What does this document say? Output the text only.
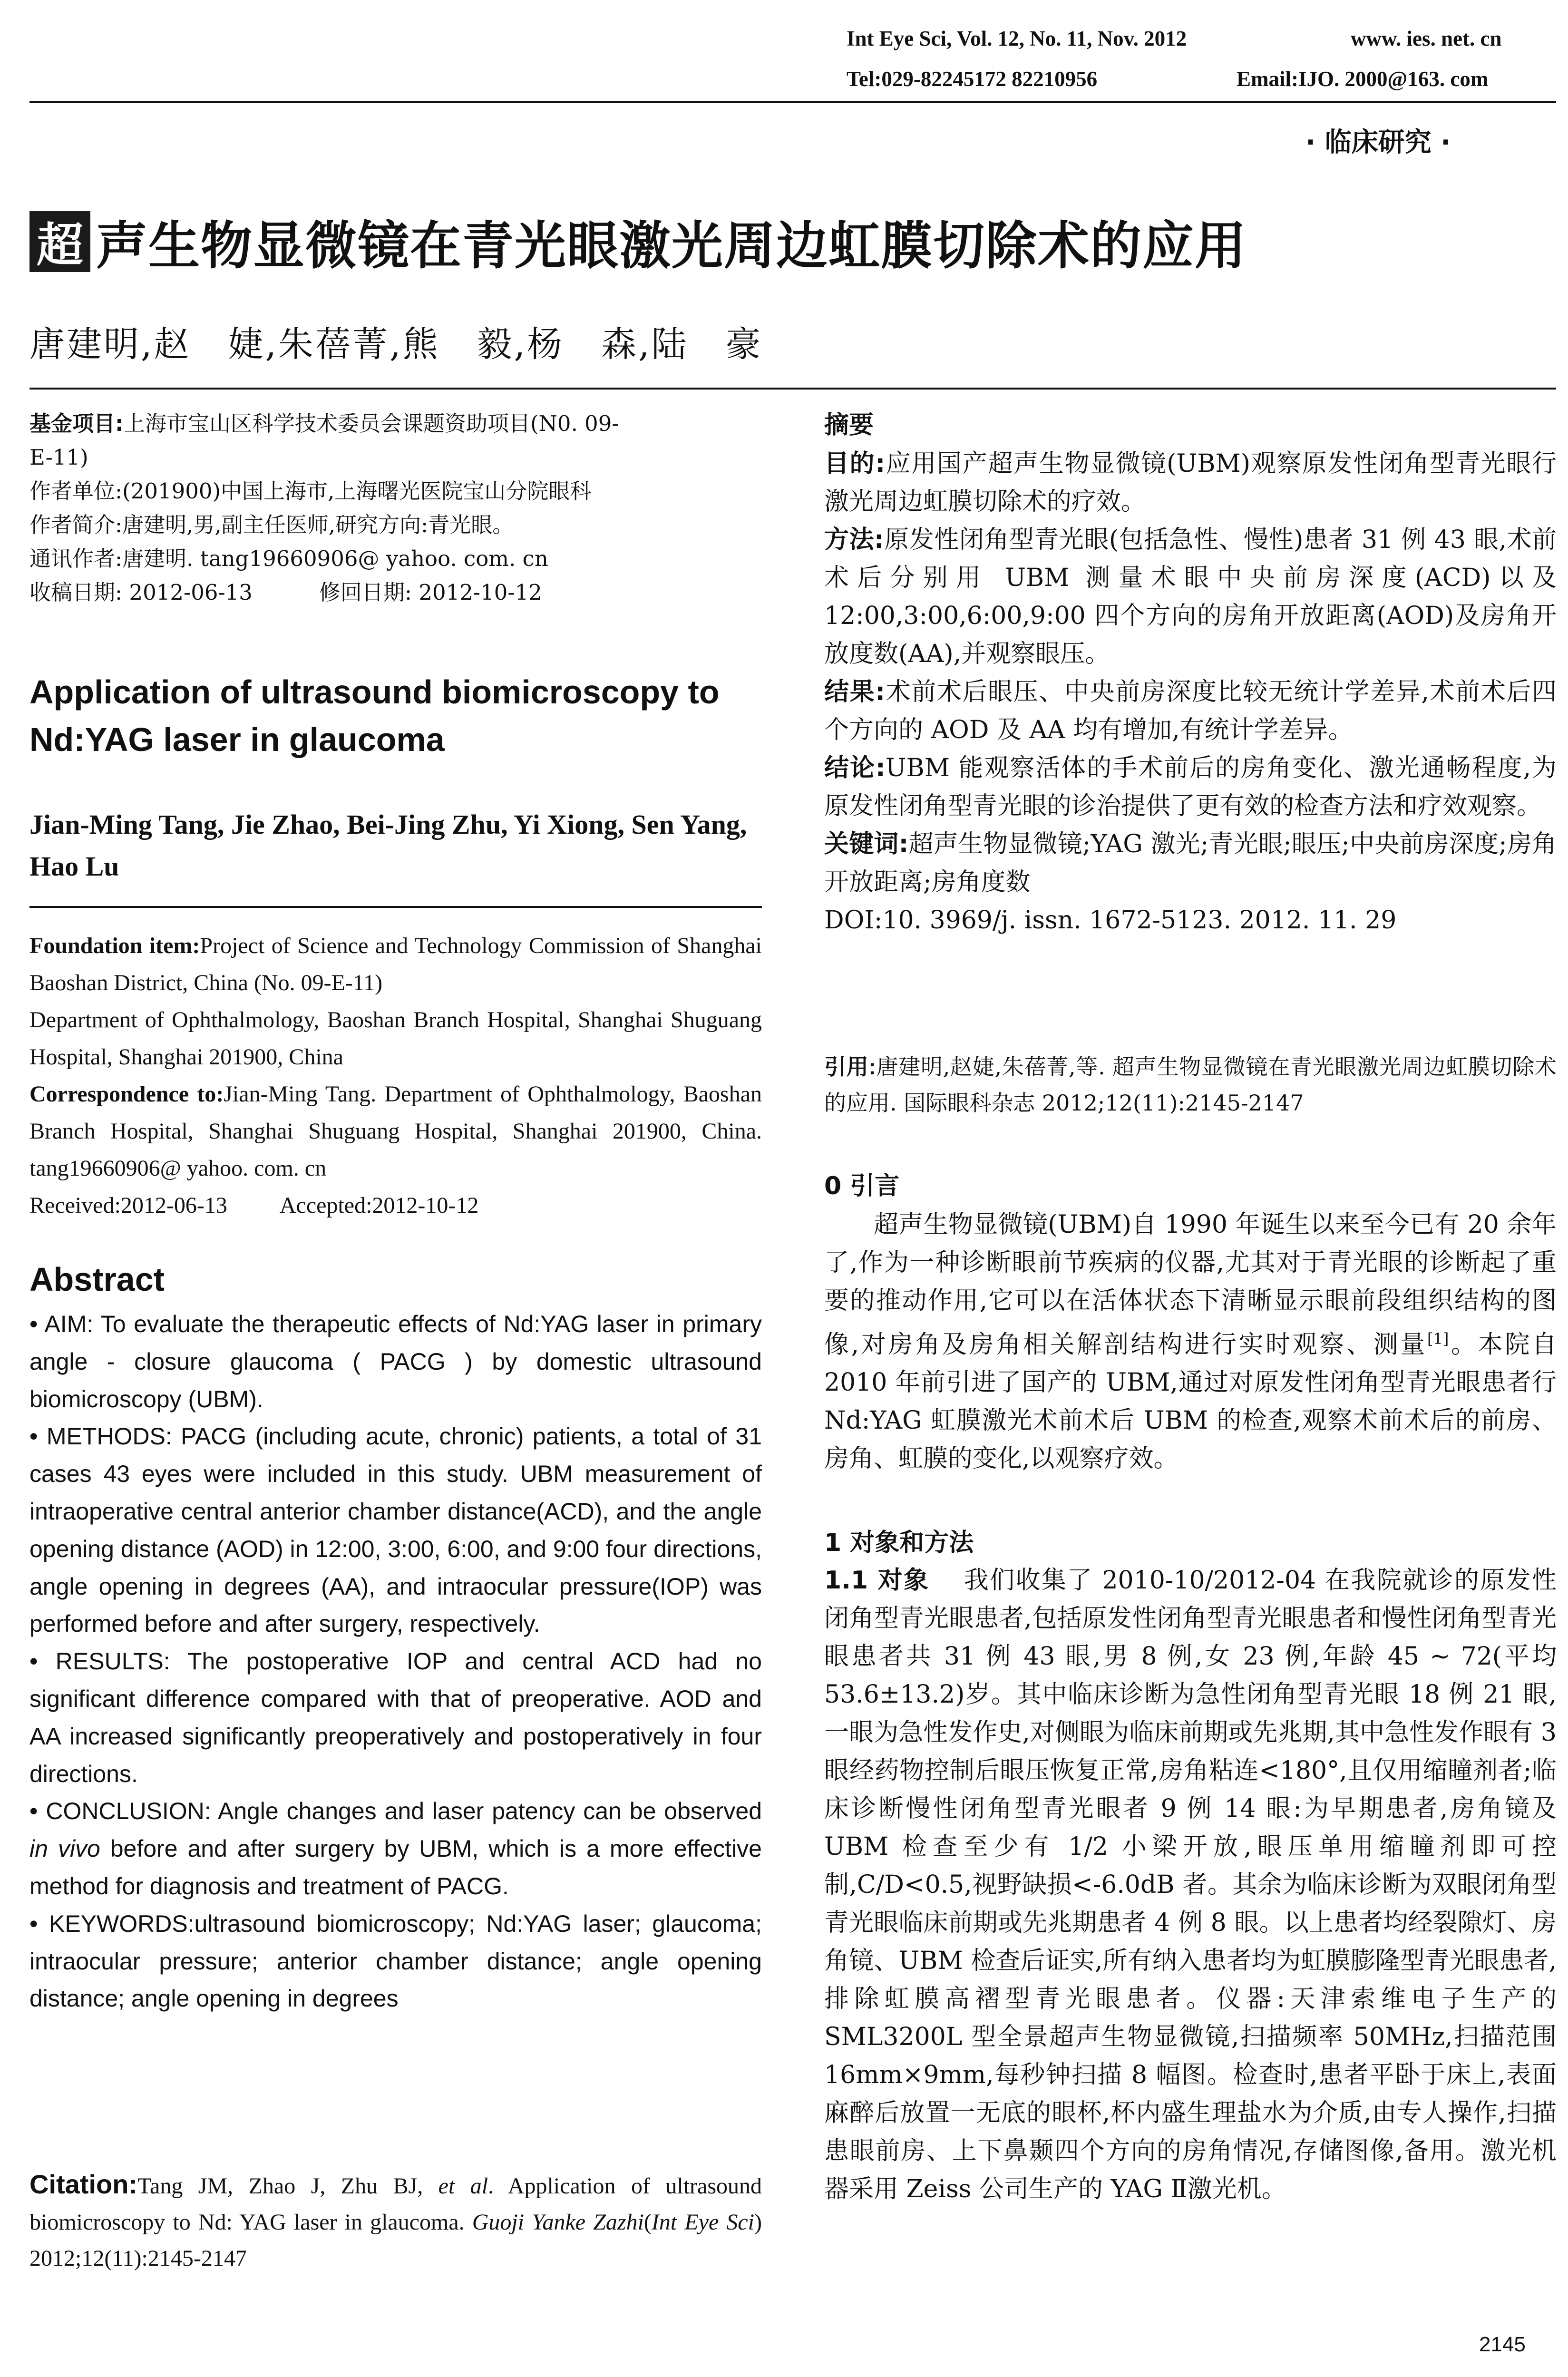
Int Eye Sci, Vol. 12, No. 11, Nov. 2012	www. ies. net. cn
Tel:029-82245172 82210956	Email:IJO. 2000@163. com
· 临床研究 ·
超 声生物显微镜在青光眼激光周边虹膜切除术的应用
唐建明,赵　婕,朱蓓菁,熊　毅,杨　森,陆　豪

基金项目:上海市宝山区科学技术委员会课题资助项目(N0. 09-

E-11)

作者单位:(201900)中国上海市,上海曙光医院宝山分院眼科

作者简介:唐建明,男,副主任医师,研究方向:青光眼。

通讯作者:唐建明. tang19660906@ yahoo. com. cn

收稿日期: 2012-06-13	修回日期: 2012-10-12

Application of ultrasound biomicroscopy to Nd:YAG laser in glaucoma
Jian-Ming Tang, Jie Zhao, Bei-Jing Zhu, Yi Xiong, Sen Yang, Hao Lu

Foundation item:Project of Science and Technology Commission of Shanghai Baoshan District, China (No. 09-E-11)

Department of Ophthalmology, Baoshan Branch Hospital, Shanghai Shuguang Hospital, Shanghai 201900, China

Correspondence to:Jian-Ming Tang. Department of Ophthalmology, Baoshan Branch Hospital, Shanghai Shuguang Hospital, Shanghai 201900, China. tang19660906@ yahoo. com. cn

Received:2012-06-13 Accepted:2012-10-12

Abstract

• AIM: To evaluate the therapeutic effects of Nd:YAG laser in primary angle - closure glaucoma ( PACG ) by domestic ultrasound biomicroscopy (UBM).

• METHODS: PACG (including acute, chronic) patients, a total of 31 cases 43 eyes were included in this study. UBM measurement of intraoperative central anterior chamber distance(ACD), and the angle opening distance (AOD) in 12:00, 3:00, 6:00, and 9:00 four directions, angle opening in degrees (AA), and intraocular pressure(IOP) was performed before and after surgery, respectively.

• RESULTS: The postoperative IOP and central ACD had no significant difference compared with that of preoperative. AOD and AA increased significantly preoperatively and postoperatively in four directions.

• CONCLUSION: Angle changes and laser patency can be observed in vivo before and after surgery by UBM, which is a more effective method for diagnosis and treatment of PACG.

• KEYWORDS:ultrasound biomicroscopy; Nd:YAG laser; glaucoma; intraocular pressure; anterior chamber distance; angle opening distance; angle opening in degrees

Citation:Tang JM, Zhao J, Zhu BJ, et al. Application of ultrasound biomicroscopy to Nd: YAG laser in glaucoma. Guoji Yanke Zazhi(Int Eye Sci) 2012;12(11):2145-2147
摘要

目的:应用国产超声生物显微镜(UBM)观察原发性闭角型青光眼行激光周边虹膜切除术的疗效。

方法:原发性闭角型青光眼(包括急性、慢性)患者 31 例 43 眼,术前术后分别用 UBM 测量术眼中央前房深度(ACD)以及 12:00,3:00,6:00,9:00 四个方向的房角开放距离(AOD)及房角开放度数(AA),并观察眼压。

结果:术前术后眼压、中央前房深度比较无统计学差异,术前术后四个方向的 AOD 及 AA 均有增加,有统计学差异。

结论:UBM 能观察活体的手术前后的房角变化、激光通畅程度,为原发性闭角型青光眼的诊治提供了更有效的检查方法和疗效观察。

关键词:超声生物显微镜;YAG 激光;青光眼;眼压;中央前房深度;房角开放距离;房角度数

DOI:10. 3969/j. issn. 1672-5123. 2012. 11. 29

引用:唐建明,赵婕,朱蓓菁,等. 超声生物显微镜在青光眼激光周边虹膜切除术的应用. 国际眼科杂志 2012;12(11):2145-2147
0 引言
超声生物显微镜(UBM)自 1990 年诞生以来至今已有 20 余年了,作为一种诊断眼前节疾病的仪器,尤其对于青光眼的诊断起了重要的推动作用,它可以在活体状态下清晰显示眼前段组织结构的图像,对房角及房角相关解剖结构进行实时观察、测量[1]。本院自 2010 年前引进了国产的 UBM,通过对原发性闭角型青光眼患者行 Nd:YAG 虹膜激光术前术后 UBM 的检查,观察术前术后的前房、房角、虹膜的变化,以观察疗效。
1 对象和方法
1.1 对象 我们收集了 2010-10/2012-04 在我院就诊的原发性闭角型青光眼患者,包括原发性闭角型青光眼患者和慢性闭角型青光眼患者共 31 例 43 眼,男 8 例,女 23 例,年龄 45 ~ 72(平均 53.6±13.2)岁。其中临床诊断为急性闭角型青光眼 18 例 21 眼,一眼为急性发作史,对侧眼为临床前期或先兆期,其中急性发作眼有 3 眼经药物控制后眼压恢复正常,房角粘连<180°,且仅用缩瞳剂者;临床诊断慢性闭角型青光眼者 9 例 14 眼:为早期患者,房角镜及 UBM 检查至少有 1/2 小梁开放,眼压单用缩瞳剂即可控制,C/D<0.5,视野缺损<-6.0dB 者。其余为临床诊断为双眼闭角型青光眼临床前期或先兆期患者 4 例 8 眼。以上患者均经裂隙灯、房角镜、UBM 检查后证实,所有纳入患者均为虹膜膨隆型青光眼患者,排除虹膜高褶型青光眼患者。仪器:天津索维电子生产的 SML3200L 型全景超声生物显微镜,扫描频率 50MHz,扫描范围 16mm×9mm,每秒钟扫描 8 幅图。检查时,患者平卧于床上,表面麻醉后放置一无底的眼杯,杯内盛生理盐水为介质,由专人操作,扫描患眼前房、上下鼻颞四个方向的房角情况,存储图像,备用。激光机器采用 Zeiss 公司生产的 YAG Ⅱ激光机。
2145
